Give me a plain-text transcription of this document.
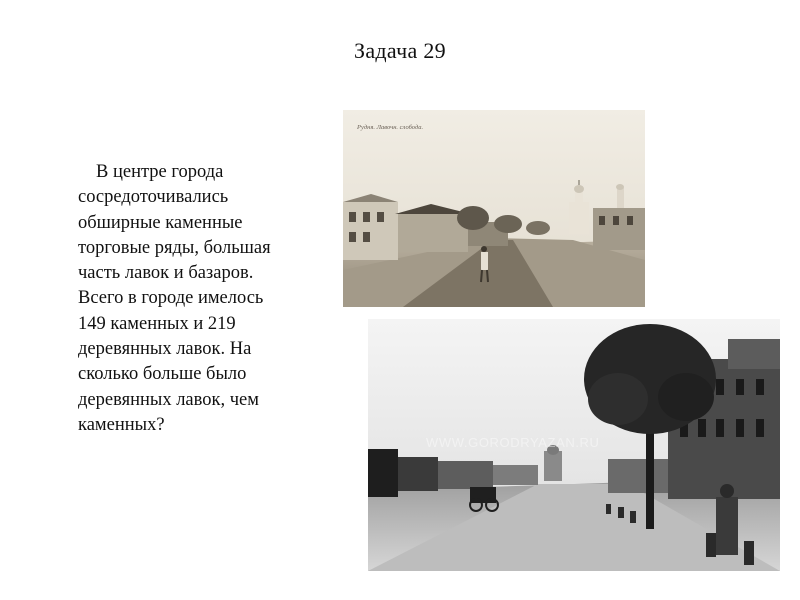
Задача 29
В центре города
сосредоточивались
обширные каменные
торговые ряды, большая
часть лавок и базаров.
Всего в городе имелось
149 каменных и 219
деревянных лавок. На
сколько больше было
деревянных лавок, чем
каменных?
Рудня. Лавочн. слобода.
WWW.GORODRYAZAN.RU
